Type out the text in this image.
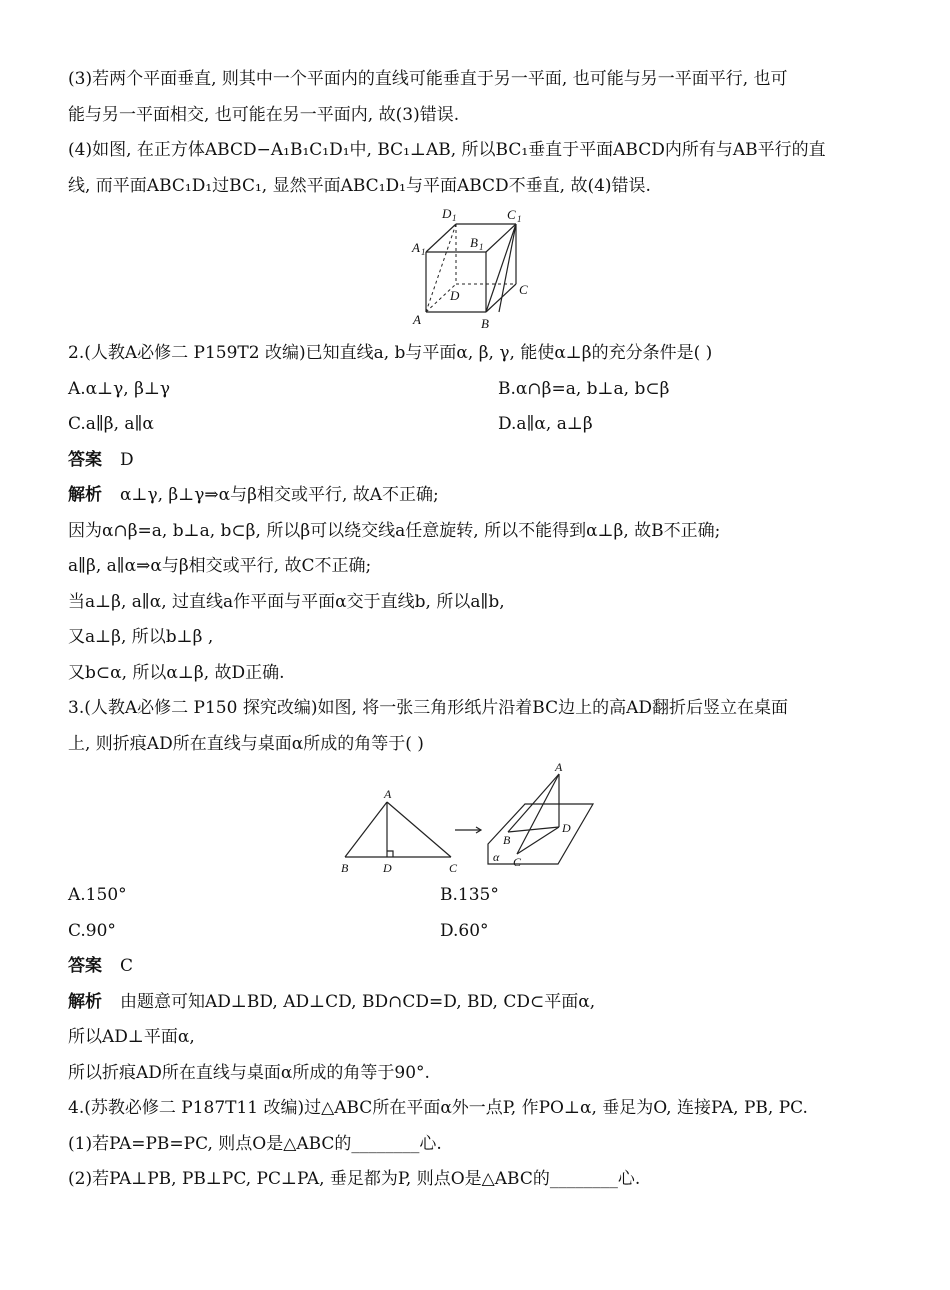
(3)若两个平面垂直, 则其中一个平面内的直线可能垂直于另一平面, 也可能与另一平面平行, 也可
能与另一平面相交, 也可能在另一平面内, 故(3)错误.
(4)如图, 在正方体ABCD−A₁B₁C₁D₁中, BC₁⊥AB, 所以BC₁垂直于平面ABCD内所有与AB平行的直
线, 而平面ABC₁D₁过BC₁, 显然平面ABC₁D₁与平面ABCD不垂直, 故(4)错误.
D 1	C 1
A 1
B 1
D	C
A	B
2.(人教A必修二 P159T2 改编)已知直线a, b与平面α, β, γ, 能使α⊥β的充分条件是( )
A.α⊥γ, β⊥γ	B.α∩β=a, b⊥a, b⊂β
C.a∥β, a∥α	D.a∥α, a⊥β
答案 D
解析 α⊥γ, β⊥γ⇒α与β相交或平行, 故A不正确;
因为α∩β=a, b⊥a, b⊂β, 所以β可以绕交线a任意旋转, 所以不能得到α⊥β, 故B不正确;
a∥β, a∥α⇒α与β相交或平行, 故C不正确;
当a⊥β, a∥α, 过直线a作平面与平面α交于直线b, 所以a∥b,
又a⊥β, 所以b⊥β ,
又b⊂α, 所以α⊥β, 故D正确.
3.(人教A必修二 P150 探究改编)如图, 将一张三角形纸片沿着BC边上的高AD翻折后竖立在桌面
上, 则折痕AD所在直线与桌面α所成的角等于( )
A
B	D	C
A
B
D
C
α
A.150°	B.135°
C.90°	D.60°
答案 C
解析 由题意可知AD⊥BD, AD⊥CD, BD∩CD=D, BD, CD⊂平面α,
所以AD⊥平面α,
所以折痕AD所在直线与桌面α所成的角等于90°.
4.(苏教必修二 P187T11 改编)过△ABC所在平面α外一点P, 作PO⊥α, 垂足为O, 连接PA, PB, PC.
(1)若PA=PB=PC, 则点O是△ABC的________心.
(2)若PA⊥PB, PB⊥PC, PC⊥PA, 垂足都为P, 则点O是△ABC的________心.
